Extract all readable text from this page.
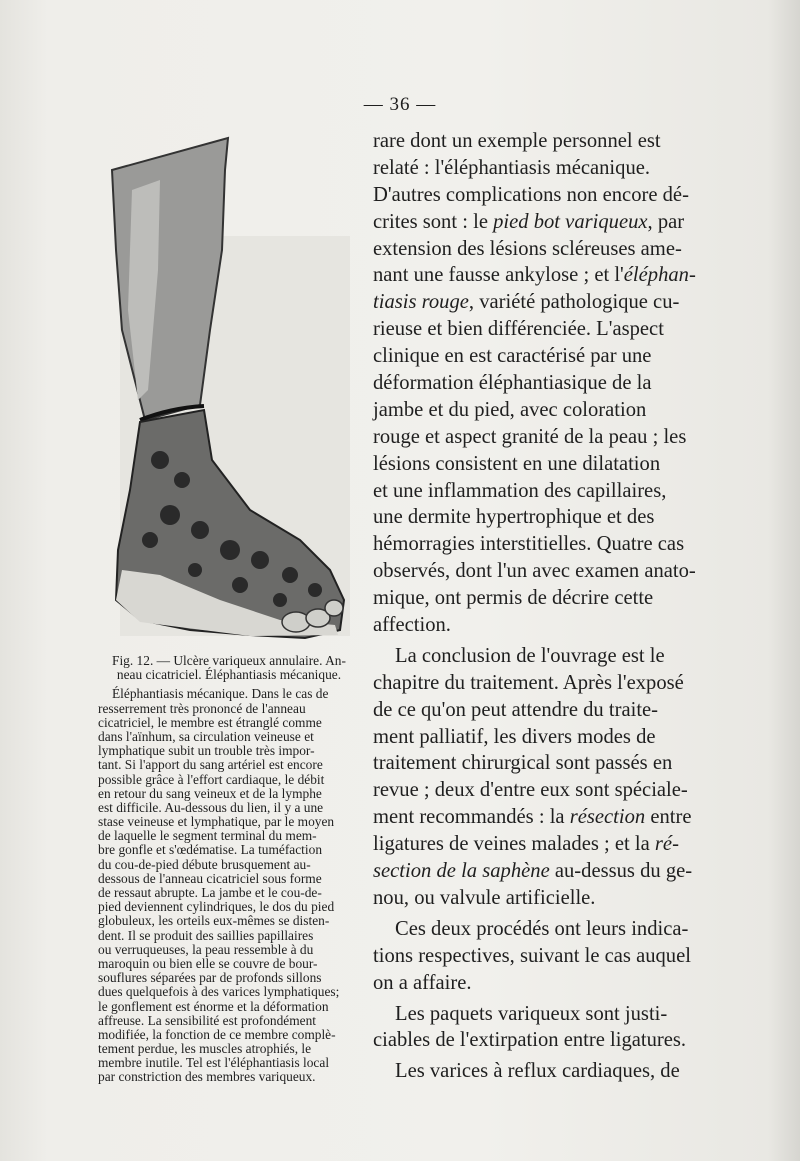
— 36 —
Fig. 12. — Ulcère variqueux annulaire. An-
neau cicatriciel. Éléphantiasis mécanique.
Éléphantiasis mécanique. Dans le cas de
resserrement très prononcé de l'anneau
cicatriciel, le membre est étranglé comme
dans l'aïnhum, sa circulation veineuse et
lymphatique subit un trouble très impor-
tant. Si l'apport du sang artériel est encore
possible grâce à l'effort cardiaque, le débit
en retour du sang veineux et de la lymphe
est difficile. Au-dessous du lien, il y a une
stase veineuse et lymphatique, par le moyen
de laquelle le segment terminal du mem-
bre gonfle et s'œdématise. La tuméfaction
du cou-de-pied débute brusquement au-
dessous de l'anneau cicatriciel sous forme
de ressaut abrupte. La jambe et le cou-de-
pied deviennent cylindriques, le dos du pied
globuleux, les orteils eux-mêmes se disten-
dent. Il se produit des saillies papillaires
ou verruqueuses, la peau ressemble à du
maroquin ou bien elle se couvre de bour-
souflures séparées par de profonds sillons
dues quelquefois à des varices lymphatiques;
le gonflement est énorme et la déformation
affreuse. La sensibilité est profondément
modifiée, la fonction de ce membre complè-
tement perdue, les muscles atrophiés, le
membre inutile. Tel est l'éléphantiasis local
par constriction des membres variqueux.
rare dont un exemple personnel est
relaté : l'éléphantiasis mécanique.
D'autres complications non encore dé-
crites sont : le pied bot variqueux, par
extension des lésions scléreuses ame-
nant une fausse ankylose ; et l'éléphan-
tiasis rouge, variété pathologique cu-
rieuse et bien différenciée. L'aspect
clinique en est caractérisé par une
déformation éléphantiasique de la
jambe et du pied, avec coloration
rouge et aspect granité de la peau ; les
lésions consistent en une dilatation
et une inflammation des capillaires,
une dermite hypertrophique et des
hémorragies interstitielles. Quatre cas
observés, dont l'un avec examen anato-
mique, ont permis de décrire cette
affection.
La conclusion de l'ouvrage est le
chapitre du traitement. Après l'exposé
de ce qu'on peut attendre du traite-
ment palliatif, les divers modes de
traitement chirurgical sont passés en
revue ; deux d'entre eux sont spéciale-
ment recommandés : la résection entre
ligatures de veines malades ; et la ré-
section de la saphène au-dessus du ge-
nou, ou valvule artificielle.
Ces deux procédés ont leurs indica-
tions respectives, suivant le cas auquel
on a affaire.
Les paquets variqueux sont justi-
ciables de l'extirpation entre ligatures.
Les varices à reflux cardiaques, de
